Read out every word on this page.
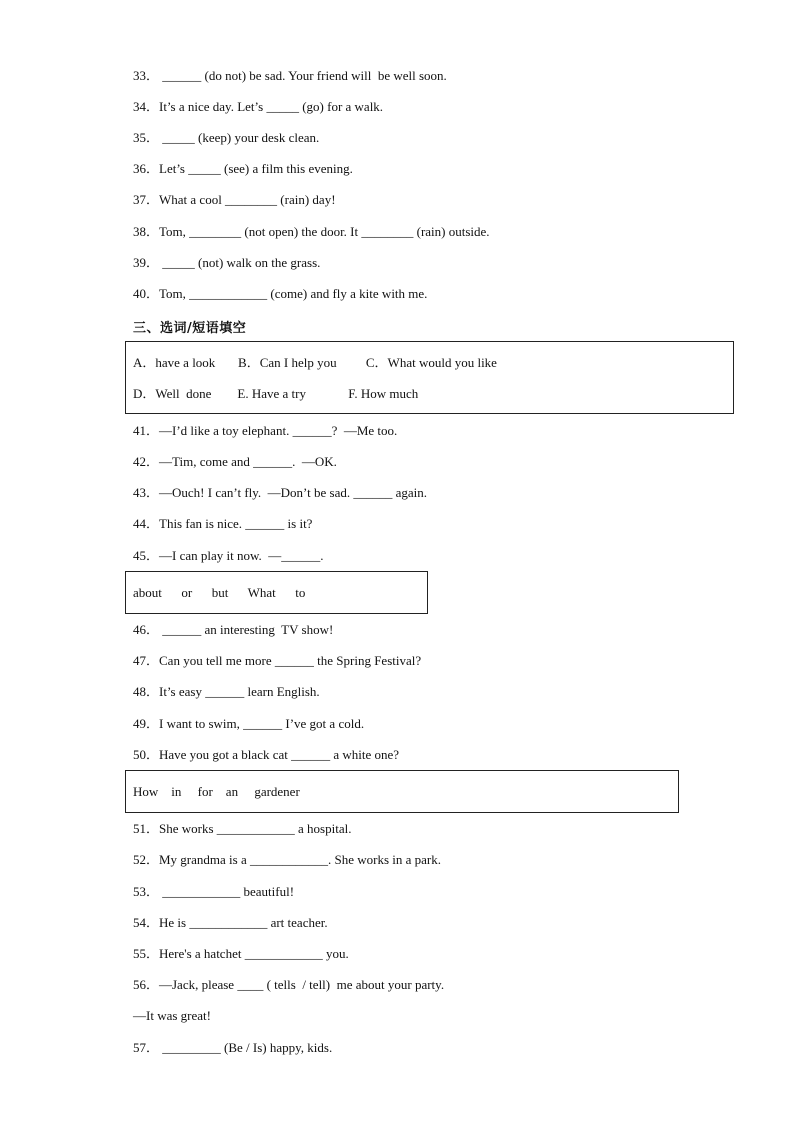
33． ______ (do not) be sad. Your friend will  be well soon.
34．It’s a nice day. Let’s _____ (go) for a walk.
35． _____ (keep) your desk clean.
36．Let’s _____ (see) a film this evening.
37．What a cool ________ (rain) day!
38．Tom, ________ (not open) the door. It ________ (rain) outside.
39． _____ (not) walk on the grass.
40．Tom, ____________ (come) and fly a kite with me.
三、选词/短语填空
A．have a look       B．Can I help you         C．What would you like
D．Well  done        E. Have a try             F. How much
41．—I’d like a toy elephant. ______?  —Me too.
42．—Tim, come and ______.  —OK.
43．—Ouch! I can’t fly.  —Don’t be sad. ______ again.
44．This fan is nice. ______ is it?
45．—I can play it now.  —______.
about      or      but      What      to
46． ______ an interesting  TV show!
47．Can you tell me more ______ the Spring Festival?
48．It’s easy ______ learn English.
49．I want to swim, ______ I’ve got a cold.
50．Have you got a black cat ______ a white one?
How    in     for    an     gardener
51．She works ____________ a hospital.
52．My grandma is a ____________. She works in a park.
53． ____________ beautiful!
54．He is ____________ art teacher.
55．Here's a hatchet ____________ you.
56．—Jack, please ____ ( tells  / tell)  me about your party.
—It was great!
57． _________ (Be / Is) happy, kids.
